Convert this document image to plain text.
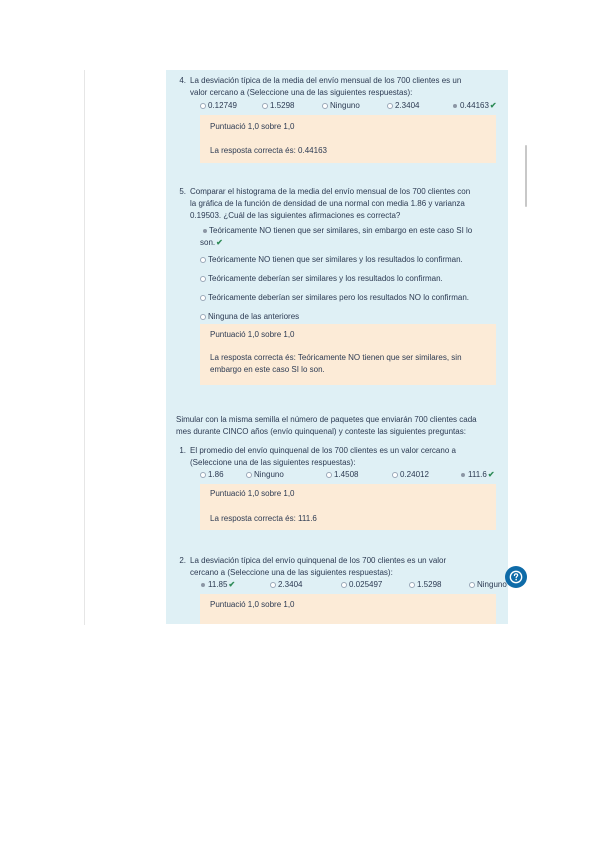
4. La desviación típica de la media del envío mensual de los 700 clientes es un
valor cercano a (Seleccione una de las siguientes respuestas):
0.12749	1.5298	Ninguno	2.3404	0.44163✔
Puntuació 1,0 sobre 1,0
La resposta correcta és: 0.44163
5. Comparar el histograma de la media del envío mensual de los 700 clientes con
la gráfica de la función de densidad de una normal con media 1.86 y varianza
0.19503. ¿Cuál de las siguientes afirmaciones es correcta?
Teóricamente NO tienen que ser similares, sin embargo en este caso SI lo
son.✔
Teóricamente NO tienen que ser similares y los resultados lo confirman.
Teóricamente deberían ser similares y los resultados lo confirman.
Teóricamente deberían ser similares pero los resultados NO lo confirman.
Ninguna de las anteriores
Puntuació 1,0 sobre 1,0
La resposta correcta és: Teóricamente NO tienen que ser similares, sin
embargo en este caso SI lo son.
Simular con la misma semilla el número de paquetes que enviarán 700 clientes cada
mes durante CINCO años (envío quinquenal) y conteste las siguientes preguntas:
1. El promedio del envío quinquenal de los 700 clientes es un valor cercano a
(Seleccione una de las siguientes respuestas):
1.86	Ninguno	1.4508	0.24012	111.6✔
Puntuació 1,0 sobre 1,0
La resposta correcta és: 111.6
2. La desviación típica del envío quinquenal de los 700 clientes es un valor
cercano a (Seleccione una de las siguientes respuestas):
11.85✔	2.3404	0.025497	1.5298	Ninguno
Puntuació 1,0 sobre 1,0
